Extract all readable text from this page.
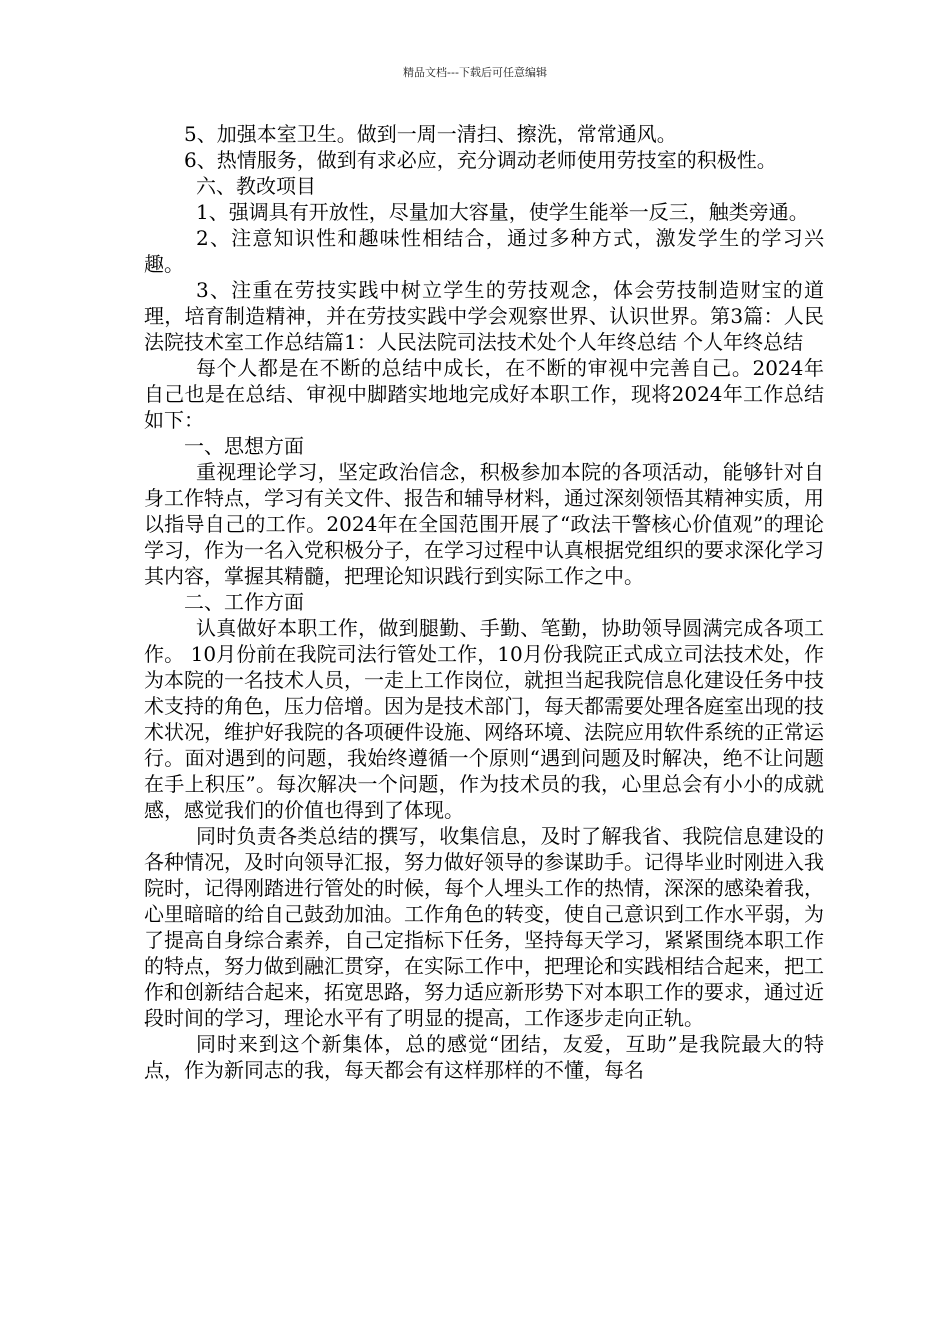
精品文档---下载后可任意编辑

5、加强本室卫生。做到一周一清扫、擦洗，常常通风。

6、热情服务，做到有求必应，充分调动老师使用劳技室的积极性。

六、教改项目

1、强调具有开放性，尽量加大容量，使学生能举一反三，触类旁通。

2、注意知识性和趣味性相结合，通过多种方式，激发学生的学习兴趣。

3、注重在劳技实践中树立学生的劳技观念，体会劳技制造财宝的道理，培育制造精神，并在劳技实践中学会观察世界、认识世界。第3篇：人民法院技术室工作总结篇1：人民法院司法技术处个人年终总结 个人年终总结

每个人都是在不断的总结中成长，在不断的审视中完善自己。2024年自己也是在总结、审视中脚踏实地地完成好本职工作，现将2024年工作总结如下：

一、思想方面

重视理论学习，坚定政治信念，积极参加本院的各项活动，能够针对自身工作特点，学习有关文件、报告和辅导材料，通过深刻领悟其精神实质，用以指导自己的工作。2024年在全国范围开展了“政法干警核心价值观”的理论学习，作为一名入党积极分子，在学习过程中认真根据党组织的要求深化学习其内容，掌握其精髓，把理论知识践行到实际工作之中。

二、工作方面

认真做好本职工作，做到腿勤、手勤、笔勤，协助领导圆满完成各项工作。 10月份前在我院司法行管处工作，10月份我院正式成立司法技术处，作为本院的一名技术人员，一走上工作岗位，就担当起我院信息化建设任务中技术支持的角色，压力倍增。因为是技术部门，每天都需要处理各庭室出现的技术状况，维护好我院的各项硬件设施、网络环境、法院应用软件系统的正常运行。面对遇到的问题，我始终遵循一个原则“遇到问题及时解决，绝不让问题在手上积压”。每次解决一个问题，作为技术员的我，心里总会有小小的成就感，感觉我们的价值也得到了体现。

同时负责各类总结的撰写，收集信息，及时了解我省、我院信息建设的各种情况，及时向领导汇报，努力做好领导的参谋助手。记得毕业时刚进入我院时，记得刚踏进行管处的时候，每个人埋头工作的热情，深深的感染着我，心里暗暗的给自己鼓劲加油。工作角色的转变，使自己意识到工作水平弱，为了提高自身综合素养，自己定指标下任务，坚持每天学习，紧紧围绕本职工作的特点，努力做到融汇贯穿，在实际工作中，把理论和实践相结合起来，把工作和创新结合起来，拓宽思路，努力适应新形势下对本职工作的要求，通过近段时间的学习，理论水平有了明显的提高，工作逐步走向正轨。

同时来到这个新集体，总的感觉“团结，友爱，互助”是我院最大的特点，作为新同志的我，每天都会有这样那样的不懂，每名
